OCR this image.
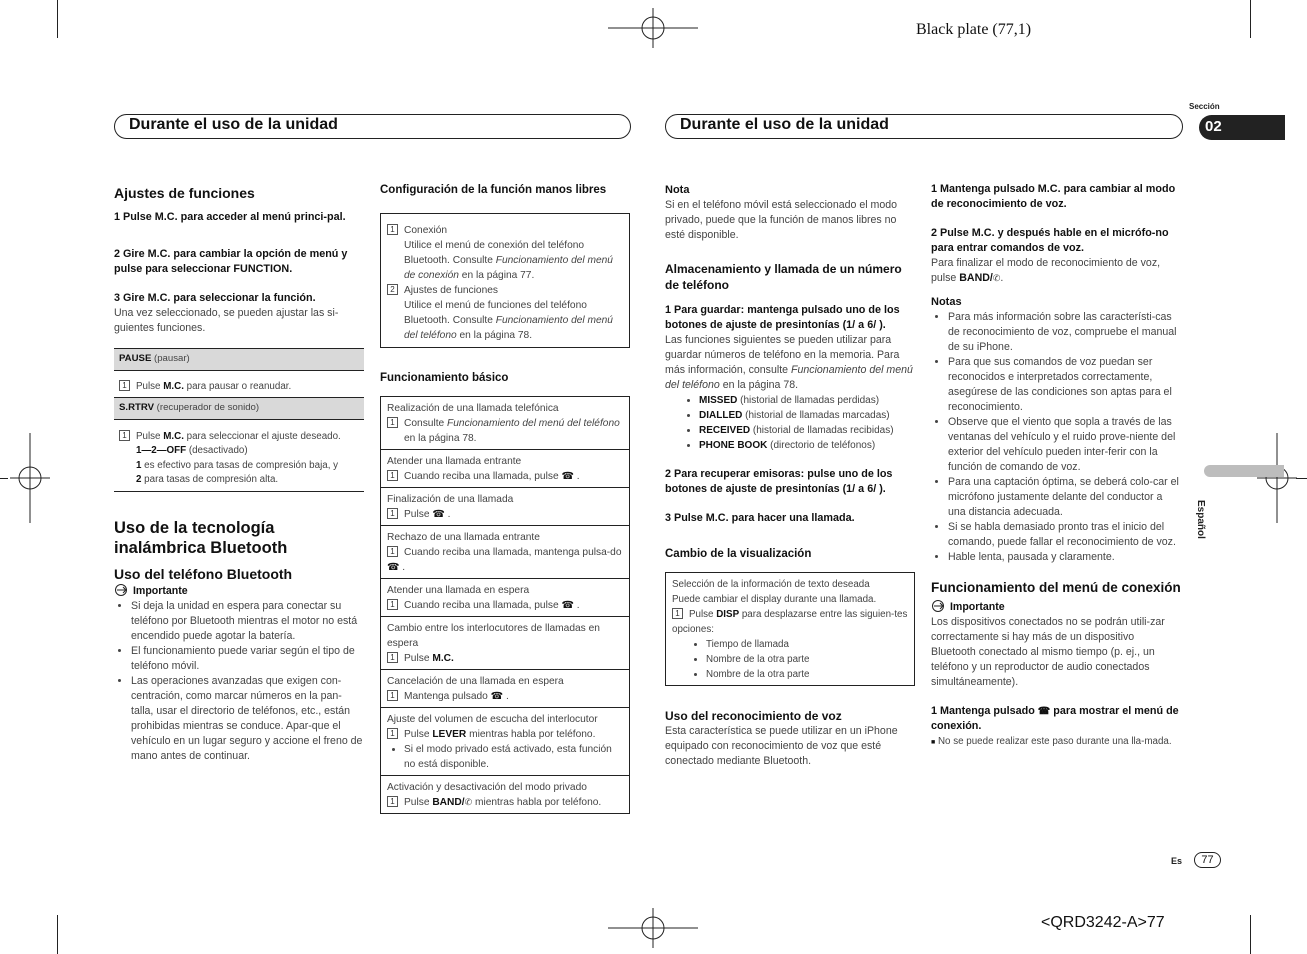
Black plate (77,1)
<QRD3242-A>77
Sección
02
Español
Durante el uso de la unidad	Durante el uso de la unidad
Ajustes de funciones

1 Pulse M.C. para acceder al menú princi-pal.

2 Gire M.C. para cambiar la opción de menú y pulse para seleccionar FUNCTION.

3 Gire M.C. para seleccionar la función.

Una vez seleccionado, se pueden ajustar las si-guientes funciones.

PAUSE (pausar)
1 Pulse M.C. para pausar o reanudar.
S.RTRV (recuperador de sonido)
1 Pulse M.C. para seleccionar el ajuste deseado.
1—2—OFF (desactivado)
1 es efectivo para tasas de compresión baja, y
2 para tasas de compresión alta.

Uso de la tecnología inalámbrica Bluetooth

Uso del teléfono Bluetooth

Importante
• Si deja la unidad en espera para conectar su teléfono por Bluetooth mientras el motor no está encendido puede agotar la batería.
• El funcionamiento puede variar según el tipo de teléfono móvil.
• Las operaciones avanzadas que exigen con-centración, como marcar números en la pan-talla, usar el directorio de teléfonos, etc., están prohibidas mientras se conduce. Apar-que el vehículo en un lugar seguro y accione el freno de mano antes de continuar.

Configuración de la función manos libres

1 Conexión
Utilice el menú de conexión del teléfono Bluetooth. Consulte Funcionamiento del menú de conexión en la página 77.
2 Ajustes de funciones
Utilice el menú de funciones del teléfono Bluetooth. Consulte Funcionamiento del menú del teléfono en la página 78.

Funcionamiento básico

Realización de una llamada telefónica
1 Consulte Funcionamiento del menú del teléfono
en la página 78.
Atender una llamada entrante
1 Cuando reciba una llamada, pulse ☎ .
Finalización de una llamada
1 Pulse ☎ .
Rechazo de una llamada entrante
1 Cuando reciba una llamada, mantenga pulsa-do ☎ .
Atender una llamada en espera
1 Cuando reciba una llamada, pulse ☎ .
Cambio entre los interlocutores de llamadas en espera
1 Pulse M.C.
Cancelación de una llamada en espera
1 Mantenga pulsado ☎ .
Ajuste del volumen de escucha del interlocutor
1 Pulse LEVER mientras habla por teléfono.
• Si el modo privado está activado, esta función no está disponible.
Activación y desactivación del modo privado
1 Pulse BAND/✆ mientras habla por teléfono.

Nota

Si en el teléfono móvil está seleccionado el modo privado, puede que la función de manos libres no esté disponible.

Almacenamiento y llamada de un número de teléfono

1 Para guardar: mantenga pulsado uno de los botones de ajuste de presintonías (1/ a 6/ ).

Las funciones siguientes se pueden utilizar para guardar números de teléfono en la memoria. Para más información, consulte Funcionamiento del menú del teléfono en la página 78.

• MISSED (historial de llamadas perdidas)
• DIALLED (historial de llamadas marcadas)
• RECEIVED (historial de llamadas recibidas)
• PHONE BOOK (directorio de teléfonos)

2 Para recuperar emisoras: pulse uno de los botones de ajuste de presintonías (1/ a 6/ ).

3 Pulse M.C. para hacer una llamada.

Cambio de la visualización

Selección de la información de texto deseada
Puede cambiar el display durante una llamada.
1 Pulse DISP para desplazarse entre las siguien-tes opciones:
• Tiempo de llamada
• Nombre de la otra parte
• Nombre de la otra parte

Uso del reconocimiento de voz

Esta característica se puede utilizar en un iPhone equipado con reconocimiento de voz que esté conectado mediante Bluetooth.

1 Mantenga pulsado M.C. para cambiar al modo de reconocimiento de voz.

2 Pulse M.C. y después hable en el micrófo-no para entrar comandos de voz.

Para finalizar el modo de reconocimiento de voz, pulse BAND/✆.

Notas

• Para más información sobre las característi-cas de reconocimiento de voz, compruebe el manual de su iPhone.
• Para que sus comandos de voz puedan ser reconocidos e interpretados correctamente, asegúrese de las condiciones son aptas para el reconocimiento.
• Observe que el viento que sopla a través de las ventanas del vehículo y el ruido prove-niente del exterior del vehículo pueden inter-ferir con la función de comando de voz.
• Para una captación óptima, se deberá colo-car el micrófono justamente delante del conductor a una distancia adecuada.
• Si se habla demasiado pronto tras el inicio del comando, puede fallar el reconocimiento de voz.
• Hable lenta, pausada y claramente.

Funcionamiento del menú de conexión

Importante

Los dispositivos conectados no se podrán utili-zar correctamente si hay más de un dispositivo Bluetooth conectado al mismo tiempo (p. ej., un teléfono y un reproductor de audio conectados simultáneamente).

1 Mantenga pulsado ☎ para mostrar el menú de conexión.

■ No se puede realizar este paso durante una lla-mada.

Es	77
